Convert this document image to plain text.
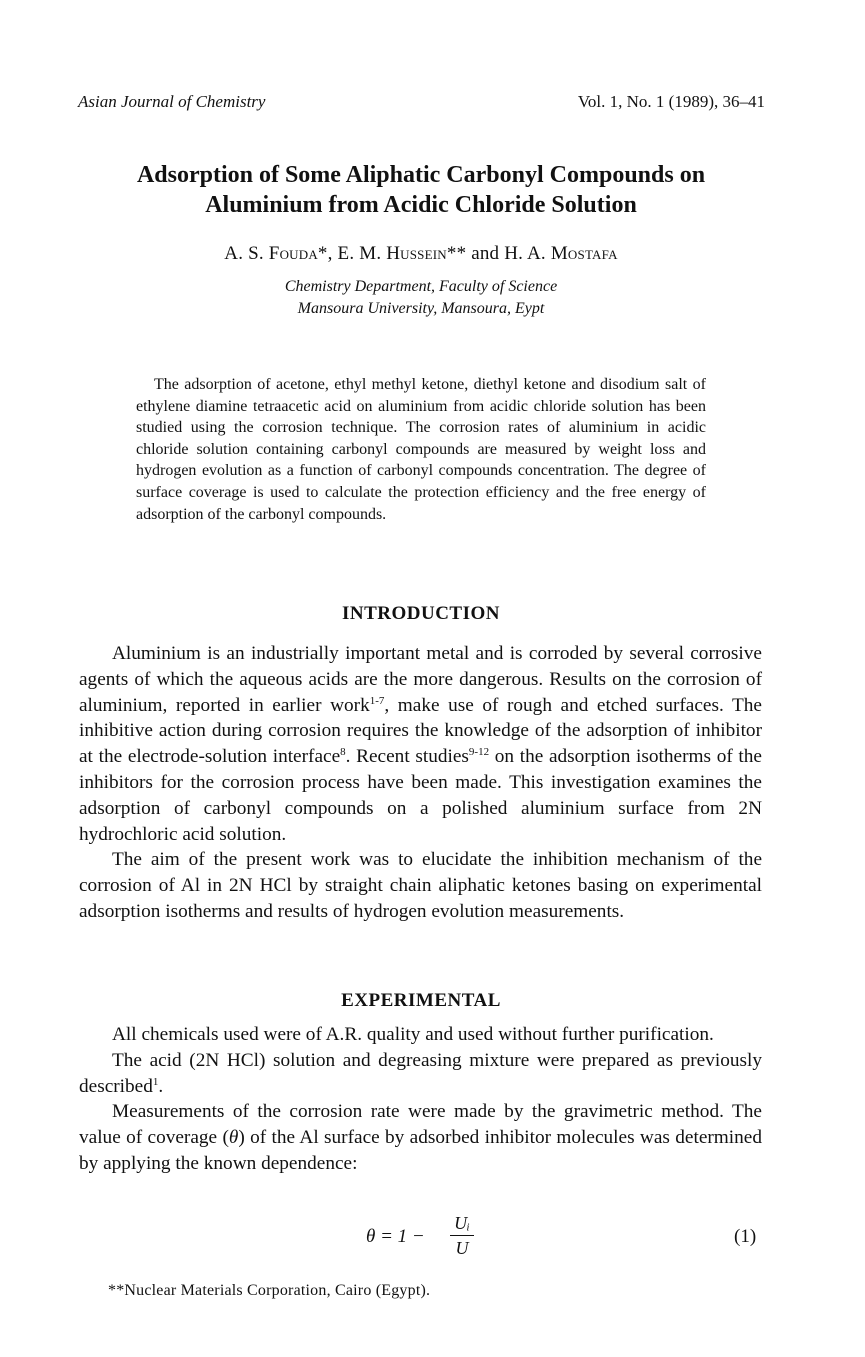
Asian Journal of Chemistry	Vol. 1, No. 1 (1989), 36–41
Adsorption of Some Aliphatic Carbonyl Compounds on
Aluminium from Acidic Chloride Solution
A. S. Fouda*, E. M. Hussein** and H. A. Mostafa
Chemistry Department, Faculty of Science
Mansoura University, Mansoura, Eypt

The adsorption of acetone, ethyl methyl ketone, diethyl ketone and disodium salt of ethylene diamine tetraacetic acid on aluminium from acidic chloride solution has been studied using the corrosion technique. The corrosion rates of aluminium in acidic chloride solution containing carbonyl compounds are measured by weight loss and hydrogen evolution as a function of carbonyl compounds concentration. The degree of surface coverage is used to calculate the protection efficiency and the free energy of adsorption of the carbonyl compounds.

INTRODUCTION

Aluminium is an industrially important metal and is corroded by several corrosive agents of which the aqueous acids are the more dangerous. Results on the corrosion of aluminium, reported in earlier work$^{1-7}$, make use of rough and etched surfaces. The inhibitive action during corrosion requires the knowledge of the adsorption of inhibitor at the electrode-solution interface$^8$. Recent studies$^{9-12}$ on the adsorption isotherms of the inhibitors for the corrosion process have been made. This investigation examines the adsorption of carbonyl compounds on a polished aluminium surface from 2N hydrochloric acid solution.

The aim of the present work was to elucidate the inhibition mechanism of the corrosion of Al in 2N HCl by straight chain aliphatic ketones basing on experimental adsorption isotherms and results of hydrogen evolution measurements.

EXPERIMENTAL

All chemicals used were of A.R. quality and used without further purification.

The acid (2N HCl) solution and degreasing mixture were prepared as previously described$^1$.

Measurements of the corrosion rate were made by the gravimetric method. The value of coverage (θ) of the Al surface by adsorbed inhibitor molecules was determined by applying the known dependence:

θ = 1 −
Uᵢ
U
(1)
**Nuclear Materials Corporation, Cairo (Egypt).
